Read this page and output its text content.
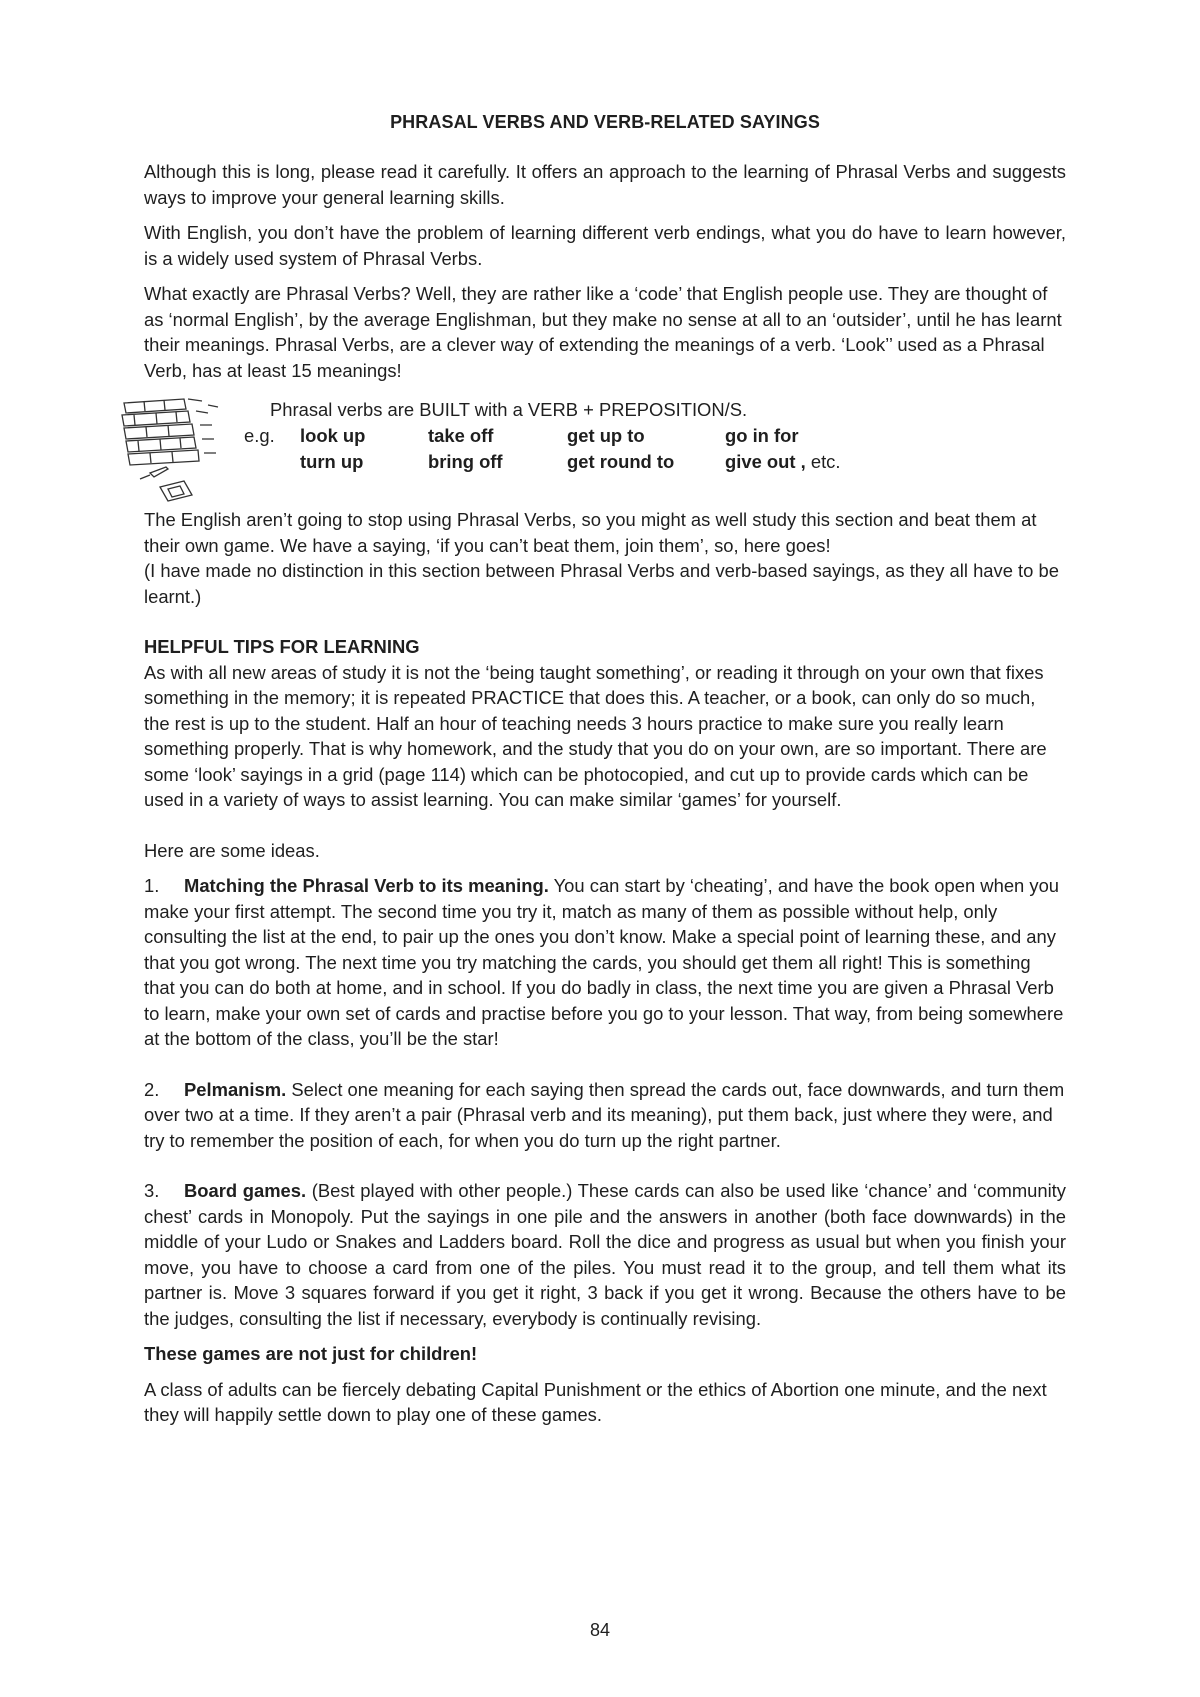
PHRASAL VERBS AND VERB-RELATED SAYINGS

Although this is long, please read it carefully. It offers an approach to the learning of Phrasal Verbs and suggests ways to improve your general learning skills.

With English, you don’t have the problem of learning different verb endings, what you do have to learn however, is a widely used system of Phrasal Verbs.

What exactly are Phrasal Verbs? Well, they are rather like a ‘code’ that English people use. They are thought of as ‘normal English’, by the average Englishman, but they make no sense at all to an ‘outsider’, until he has learnt their meanings. Phrasal Verbs, are a clever way of extending the meanings of a verb. ‘Look’’ used as a Phrasal Verb, has at least 15 meanings!

Phrasal verbs are BUILT with a VERB + PREPOSITION/S.
e.g. look up	take off	get up to	go in for
turn up	bring off	get round to	give out , etc.

The English aren’t going to stop using Phrasal Verbs, so you might as well study this section and beat them at their own game. We have a saying, ‘if you can’t beat them, join them’, so, here goes!

(I have made no distinction in this section between Phrasal Verbs and verb-based sayings, as they all have to be learnt.)

HELPFUL TIPS FOR LEARNING

As with all new areas of study it is not the ‘being taught something’, or reading it through on your own that fixes something in the memory; it is repeated PRACTICE that does this. A teacher, or a book, can only do so much, the rest is up to the student. Half an hour of teaching needs 3 hours practice to make sure you really learn something properly. That is why homework, and the study that you do on your own, are so important. There are some ‘look’ sayings in a grid (page 114) which can be photocopied, and cut up to provide cards which can be used in a variety of ways to assist learning. You can make similar ‘games’ for yourself.

Here are some ideas.

1. Matching the Phrasal Verb to its meaning. You can start by ‘cheating’, and have the book open when you make your first attempt. The second time you try it, match as many of them as possible without help, only consulting the list at the end, to pair up the ones you don’t know. Make a special point of learning these, and any that you got wrong. The next time you try matching the cards, you should get them all right! This is something that you can do both at home, and in school. If you do badly in class, the next time you are given a Phrasal Verb to learn, make your own set of cards and practise before you go to your lesson. That way, from being somewhere at the bottom of the class, you’ll be the star!

2. Pelmanism. Select one meaning for each saying then spread the cards out, face downwards, and turn them over two at a time. If they aren’t a pair (Phrasal verb and its meaning), put them back, just where they were, and try to remember the position of each, for when you do turn up the right partner.

3. Board games. (Best played with other people.) These cards can also be used like ‘chance’ and ‘community chest’ cards in Monopoly. Put the sayings in one pile and the answers in another (both face downwards) in the middle of your Ludo or Snakes and Ladders board. Roll the dice and progress as usual but when you finish your move, you have to choose a card from one of the piles. You must read it to the group, and tell them what its partner is. Move 3 squares forward if you get it right, 3 back if you get it wrong. Because the others have to be the judges, consulting the list if necessary, everybody is continually revising.

These games are not just for children!

A class of adults can be fiercely debating Capital Punishment or the ethics of Abortion one minute, and the next they will happily settle down to play one of these games.

84
